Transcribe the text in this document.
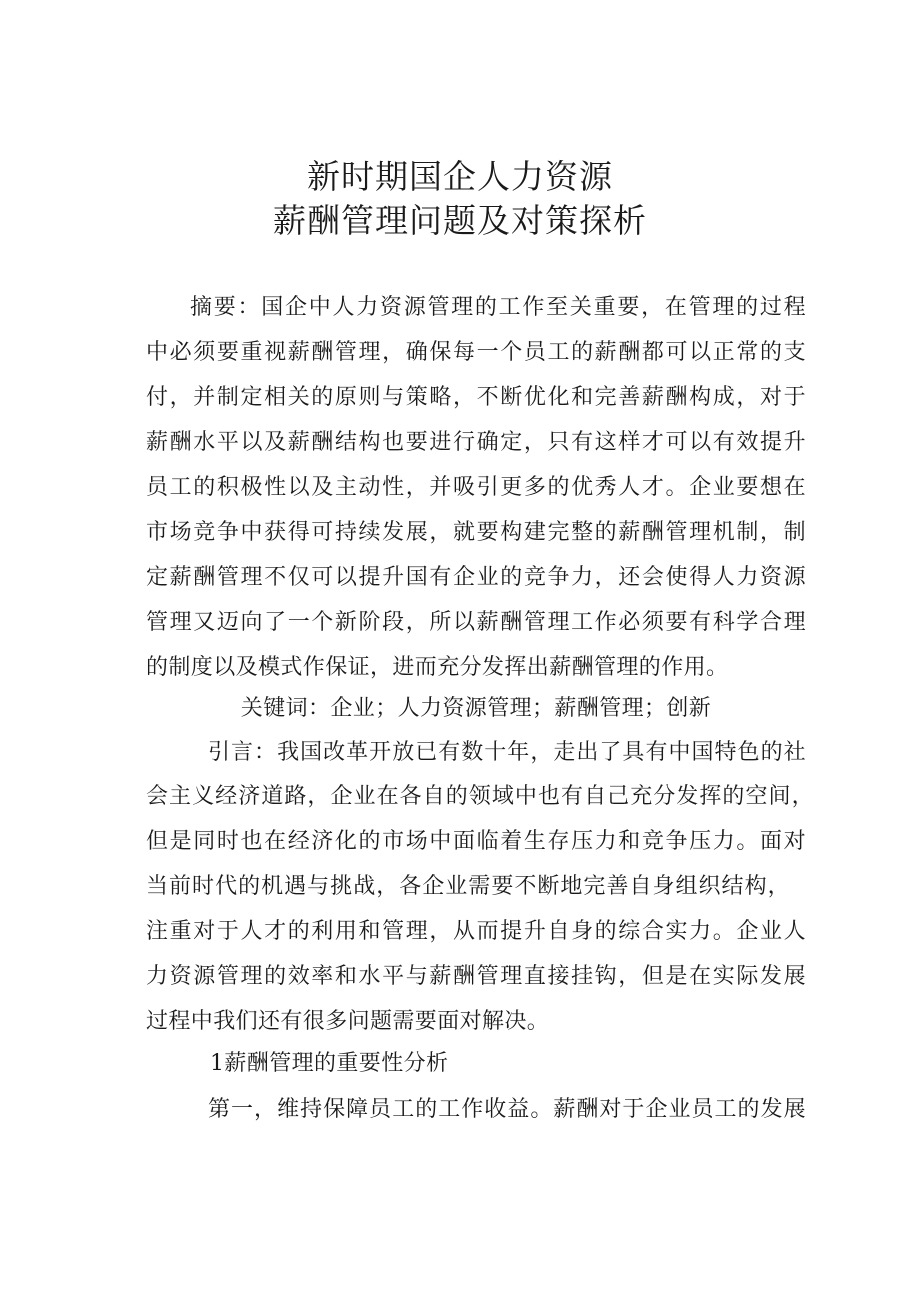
新时期国企人力资源
薪酬管理问题及对策探析
摘要：国企中人力资源管理的工作至关重要，在管理的过程
中必须要重视薪酬管理，确保每一个员工的薪酬都可以正常的支
付，并制定相关的原则与策略，不断优化和完善薪酬构成，对于
薪酬水平以及薪酬结构也要进行确定，只有这样才可以有效提升
员工的积极性以及主动性，并吸引更多的优秀人才。企业要想在
市场竞争中获得可持续发展，就要构建完整的薪酬管理机制，制
定薪酬管理不仅可以提升国有企业的竞争力，还会使得人力资源
管理又迈向了一个新阶段，所以薪酬管理工作必须要有科学合理
的制度以及模式作保证，进而充分发挥出薪酬管理的作用。
关键词：企业；人力资源管理；薪酬管理；创新
引言：我国改革开放已有数十年，走出了具有中国特色的社
会主义经济道路，企业在各自的领域中也有自己充分发挥的空间，
但是同时也在经济化的市场中面临着生存压力和竞争压力。面对
当前时代的机遇与挑战，各企业需要不断地完善自身组织结构，
注重对于人才的利用和管理，从而提升自身的综合实力。企业人
力资源管理的效率和水平与薪酬管理直接挂钩，但是在实际发展
过程中我们还有很多问题需要面对解决。
1薪酬管理的重要性分析
第一，维持保障员工的工作收益。薪酬对于企业员工的发展
